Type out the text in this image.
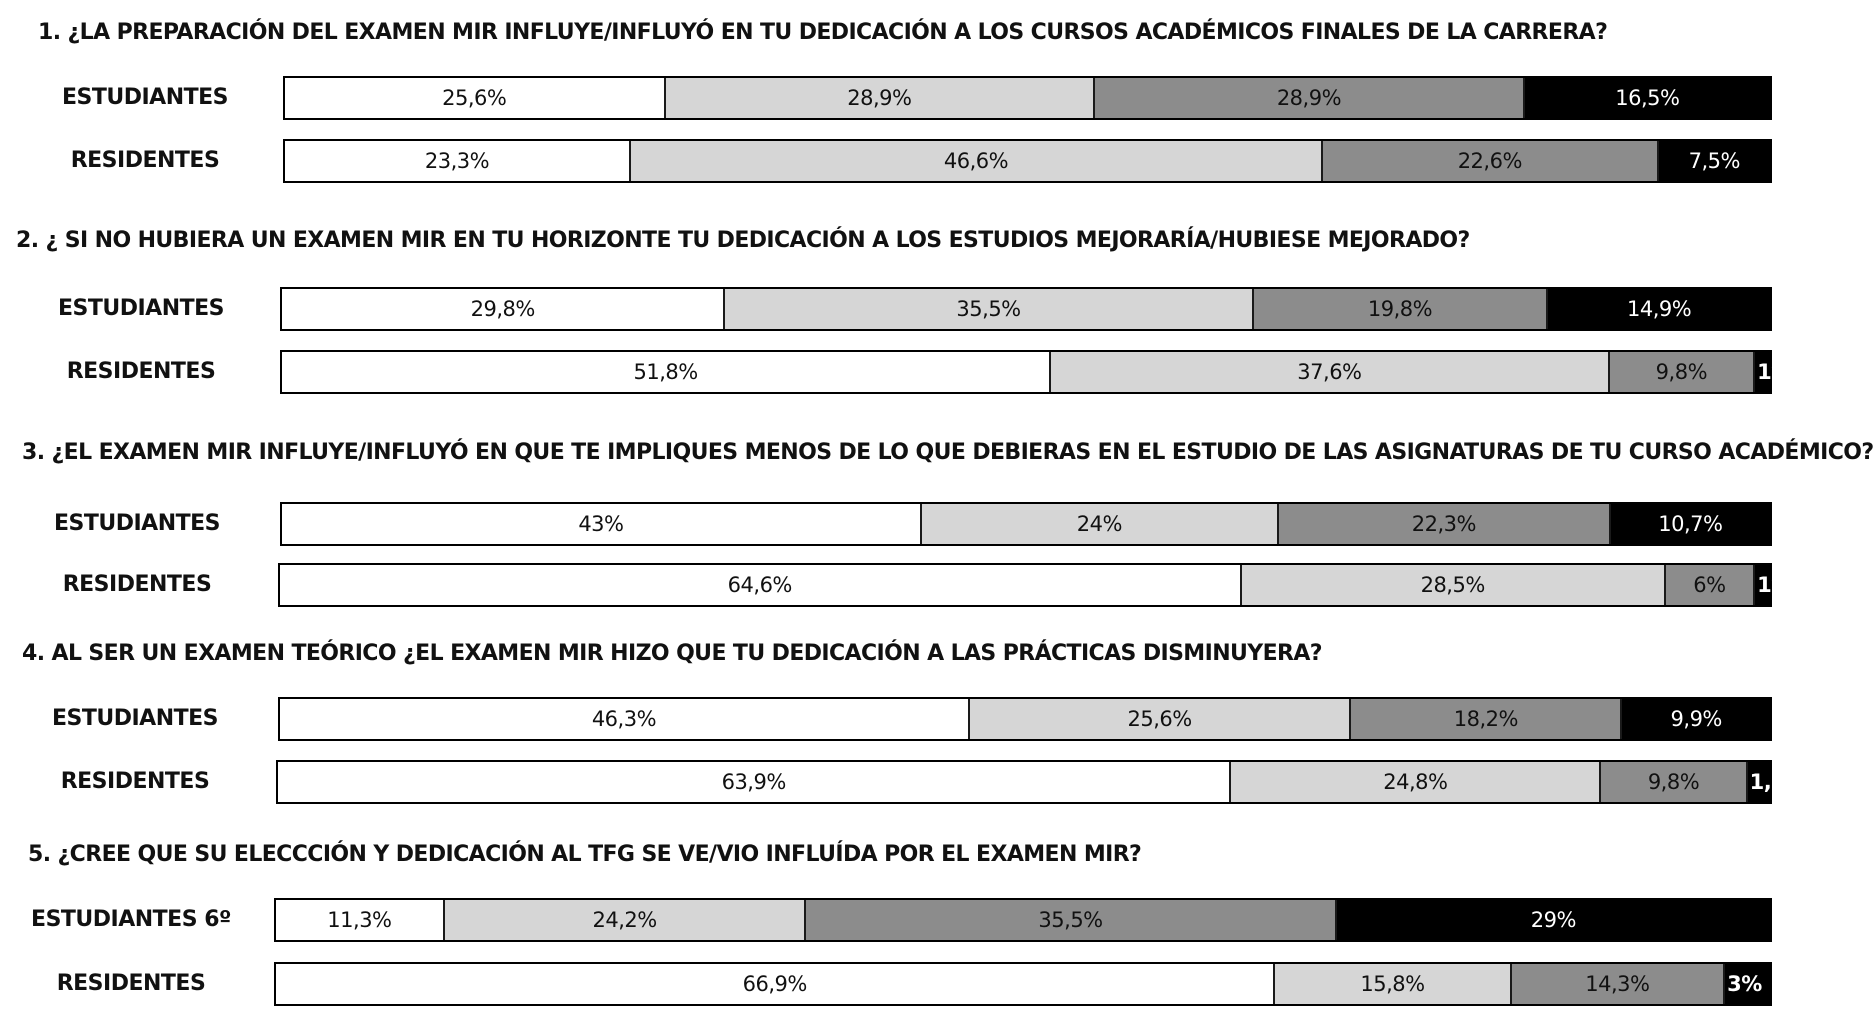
1. ¿LA PREPARACIÓN DEL EXAMEN MIR INFLUYE/INFLUYÓ EN TU DEDICACIÓN A LOS CURSOS ACADÉMICOS FINALES DE LA CARRERA?
ESTUDIANTES	25,6%	28,9%	28,9%	16,5%
RESIDENTES	23,3%	46,6%	22,6%	7,5%
2. ¿ SI NO HUBIERA UN EXAMEN MIR EN TU HORIZONTE TU DEDICACIÓN A LOS ESTUDIOS MEJORARÍA/HUBIESE MEJORADO?
ESTUDIANTES	29,8%	35,5%	19,8%	14,9%
RESIDENTES	51,8%	37,6%	9,8%	1%
3. ¿EL EXAMEN MIR INFLUYE/INFLUYÓ EN QUE TE IMPLIQUES MENOS DE LO QUE DEBIERAS EN EL ESTUDIO DE LAS ASIGNATURAS DE TU CURSO ACADÉMICO?
ESTUDIANTES	43%	24%	22,3%	10,7%
RESIDENTES	64,6%	28,5%	6%	1%
4. AL SER UN EXAMEN TEÓRICO ¿EL EXAMEN MIR HIZO QUE TU DEDICACIÓN A LAS PRÁCTICAS DISMINUYERA?
ESTUDIANTES	46,3%	25,6%	18,2%	9,9%
RESIDENTES	63,9%	24,8%	9,8%	1,5%
5. ¿CREE QUE SU ELECCCIÓN Y DEDICACIÓN AL TFG SE VE/VIO INFLUÍDA POR EL EXAMEN MIR?
ESTUDIANTES 6º	11,3%	24,2%	35,5%	29%
RESIDENTES	66,9%	15,8%	14,3%	3%
